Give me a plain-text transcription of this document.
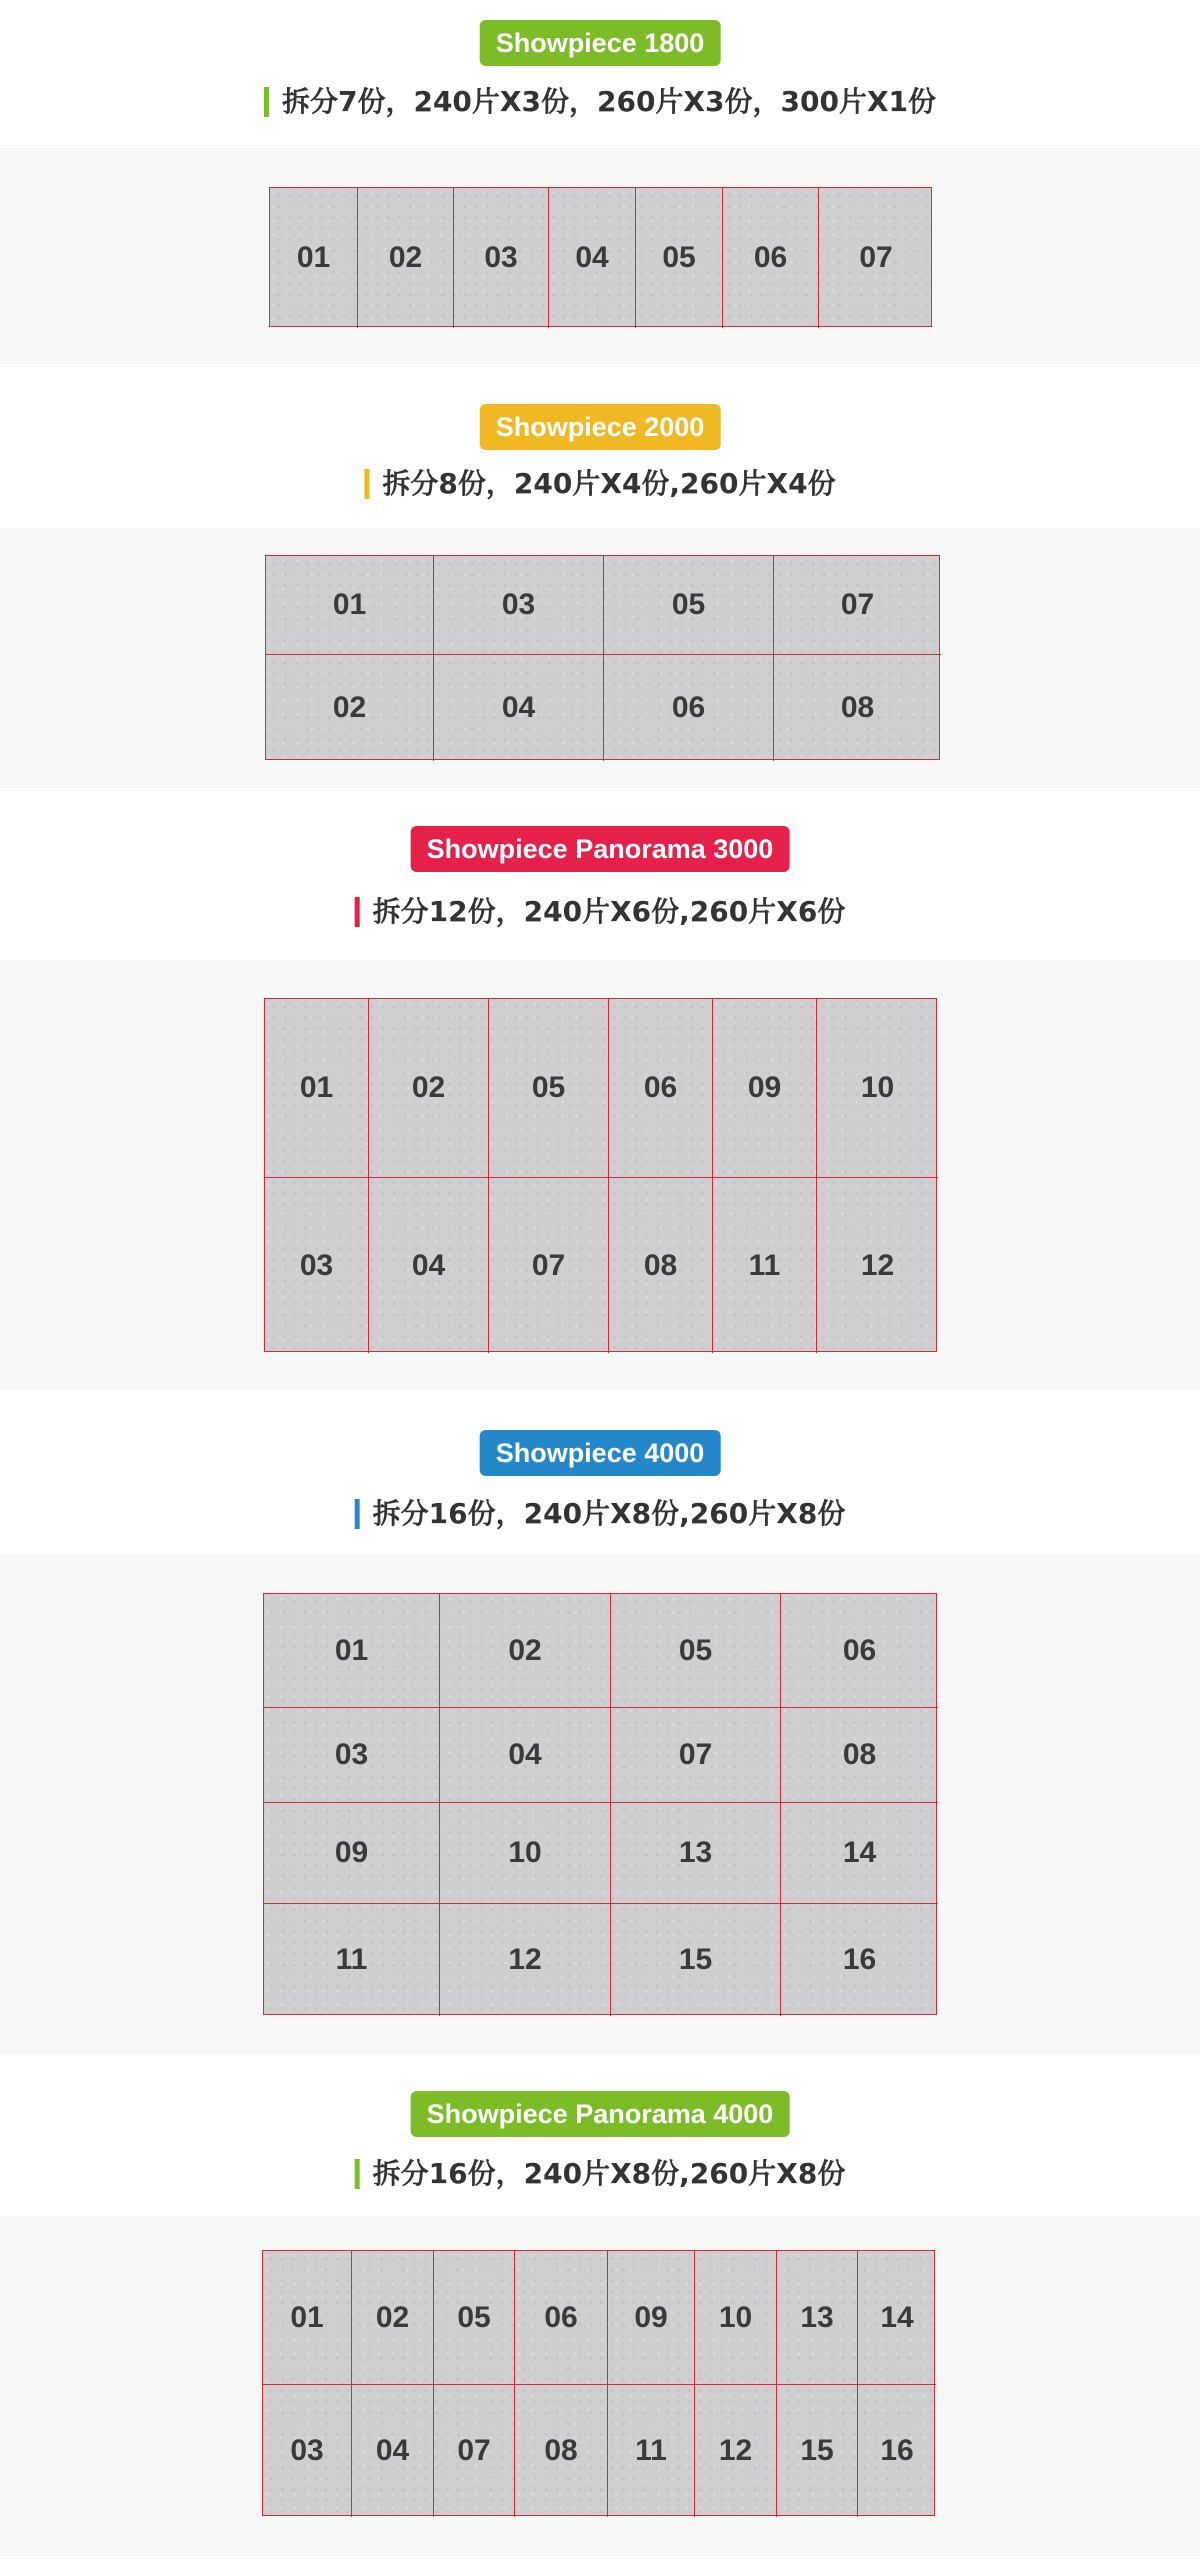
Showpiece 1800
拆分7份，240片X3份，260片X3份，300片X1份
01	02	03	04	05	06	07
Showpiece 2000
拆分8份，240片X4份,260片X4份
01	03	05	07
02	04	06	08
Showpiece Panorama 3000
拆分12份，240片X6份,260片X6份
01	02	05	06	09	10
03	04	07	08	11	12
Showpiece 4000
拆分16份，240片X8份,260片X8份
01	02	05	06
03	04	07	08
09	10	13	14
11	12	15	16
Showpiece Panorama 4000
拆分16份，240片X8份,260片X8份
01	02	05	06	09	10	13	14
03	04	07	08	11	12	15	16
